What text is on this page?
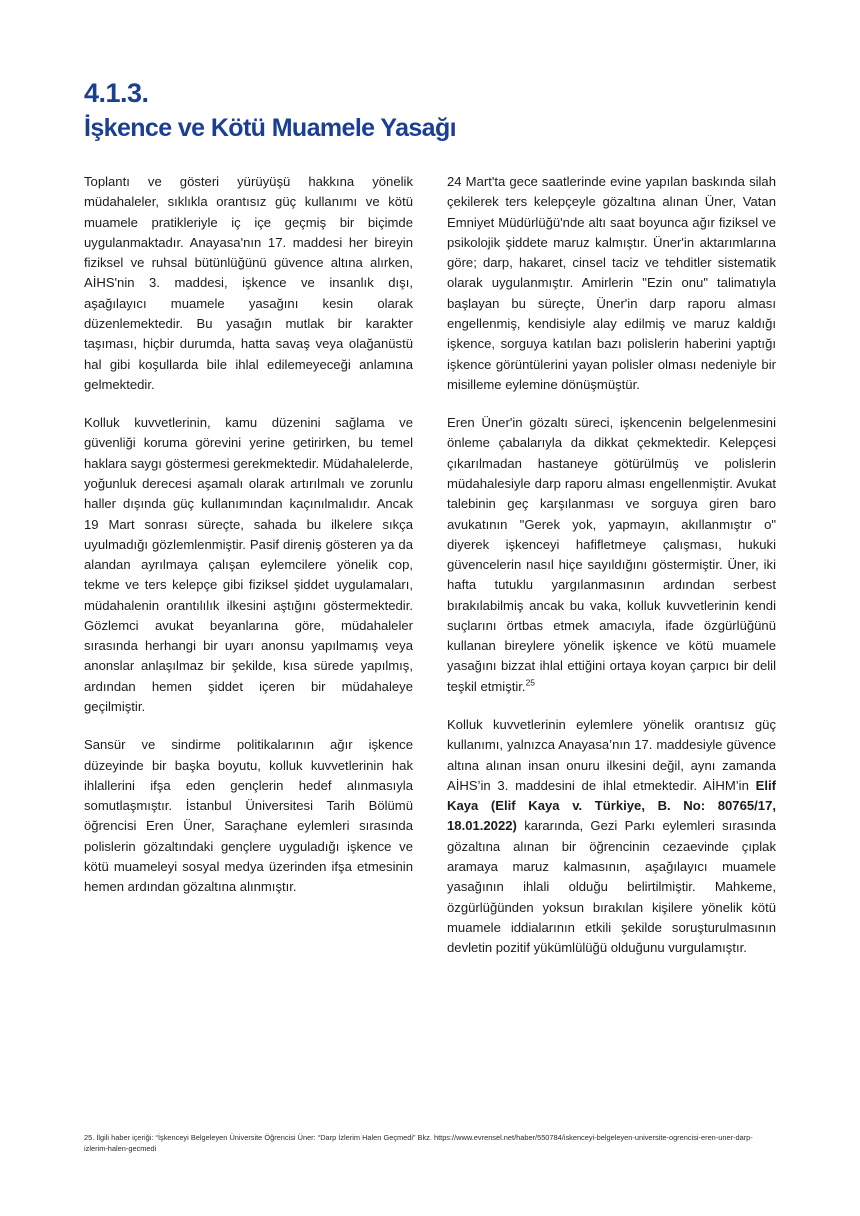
4.1.3.
İşkence ve Kötü Muamele Yasağı

Toplantı ve gösteri yürüyüşü hakkına yönelik müdahaleler, sıklıkla orantısız güç kullanımı ve kötü muamele pratikleriyle iç içe geçmiş bir biçimde uygulanmaktadır. Anayasa'nın 17. maddesi her bireyin fiziksel ve ruhsal bütünlüğünü güvence altına alırken, AİHS'nin 3. maddesi, işkence ve insanlık dışı, aşağılayıcı muamele yasağını kesin olarak düzenlemektedir. Bu yasağın mutlak bir karakter taşıması, hiçbir durumda, hatta savaş veya olağanüstü hal gibi koşullarda bile ihlal edilemeyeceği anlamına gelmektedir.

Kolluk kuvvetlerinin, kamu düzenini sağlama ve güvenliği koruma görevini yerine getirirken, bu temel haklara saygı göstermesi gerekmektedir. Müdahalelerde, yoğunluk derecesi aşamalı olarak artırılmalı ve zorunlu haller dışında güç kullanımından kaçınılmalıdır. Ancak 19 Mart sonrası süreçte, sahada bu ilkelere sıkça uyulmadığı gözlemlenmiştir. Pasif direniş gösteren ya da alandan ayrılmaya çalışan eylemcilere yönelik cop, tekme ve ters kelepçe gibi fiziksel şiddet uygulamaları, müdahalenin orantılılık ilkesini aştığını göstermektedir. Gözlemci avukat beyanlarına göre, müdahaleler sırasında herhangi bir uyarı anonsu yapılmamış veya anonslar anlaşılmaz bir şekilde, kısa sürede yapılmış, ardından hemen şiddet içeren bir müdahaleye geçilmiştir.

Sansür ve sindirme politikalarının ağır işkence düzeyinde bir başka boyutu, kolluk kuvvetlerinin hak ihlallerini ifşa eden gençlerin hedef alınmasıyla somutlaşmıştır. İstanbul Üniversitesi Tarih Bölümü öğrencisi Eren Üner, Saraçhane eylemleri sırasında polislerin gözaltındaki gençlere uyguladığı işkence ve kötü muameleyi sosyal medya üzerinden ifşa etmesinin hemen ardından gözaltına alınmıştır.

24 Mart'ta gece saatlerinde evine yapılan baskında silah çekilerek ters kelepçeyle gözaltına alınan Üner, Vatan Emniyet Müdürlüğü'nde altı saat boyunca ağır fiziksel ve psikolojik şiddete maruz kalmıştır. Üner'in aktarımlarına göre; darp, hakaret, cinsel taciz ve tehditler sistematik olarak uygulanmıştır. Amirlerin "Ezin onu" talimatıyla başlayan bu süreçte, Üner'in darp raporu alması engellenmiş, kendisiyle alay edilmiş ve maruz kaldığı işkence, sorguya katılan bazı polislerin haberini yaptığı işkence görüntülerini yayan polisler olması nedeniyle bir misilleme eylemine dönüşmüştür.

Eren Üner'in gözaltı süreci, işkencenin belgelenmesini önleme çabalarıyla da dikkat çekmektedir. Kelepçesi çıkarılmadan hastaneye götürülmüş ve polislerin müdahalesiyle darp raporu alması engellenmiştir. Avukat talebinin geç karşılanması ve sorguya giren baro avukatının "Gerek yok, yapmayın, akıllanmıştır o" diyerek işkenceyi hafifletmeye çalışması, hukuki güvencelerin nasıl hiçe sayıldığını göstermiştir. Üner, iki hafta tutuklu yargılanmasının ardından serbest bırakılabilmiş ancak bu vaka, kolluk kuvvetlerinin kendi suçlarını örtbas etmek amacıyla, ifade özgürlüğünü kullanan bireylere yönelik işkence ve kötü muamele yasağını bizzat ihlal ettiğini ortaya koyan çarpıcı bir delil teşkil etmiştir.$^{25}$

Kolluk kuvvetlerinin eylemlere yönelik orantısız güç kullanımı, yalnızca Anayasa’nın 17. maddesiyle güvence altına alınan insan onuru ilkesini değil, aynı zamanda AİHS’in 3. maddesini de ihlal etmektedir. AİHM’in Elif Kaya (Elif Kaya v. Türkiye, B. No: 80765/17, 18.01.2022) kararında, Gezi Parkı eylemleri sırasında gözaltına alınan bir öğrencinin cezaevinde çıplak aramaya maruz kalmasının, aşağılayıcı muamele yasağının ihlali olduğu belirtilmiştir. Mahkeme, özgürlüğünden yoksun bırakılan kişilere yönelik kötü muamele iddialarının etkili şekilde soruşturulmasının devletin pozitif yükümlülüğü olduğunu vurgulamıştır.

25. İlgili haber içeriği: “İşkenceyi Belgeleyen Üniversite Öğrencisi Üner: “Darp İzlerim Halen Geçmedi” Bkz. https://www.evrensel.net/haber/550784/iskenceyi-belgeleyen-universite-ogrencisi-eren-uner-darp-izlerim-halen-gecmedi
